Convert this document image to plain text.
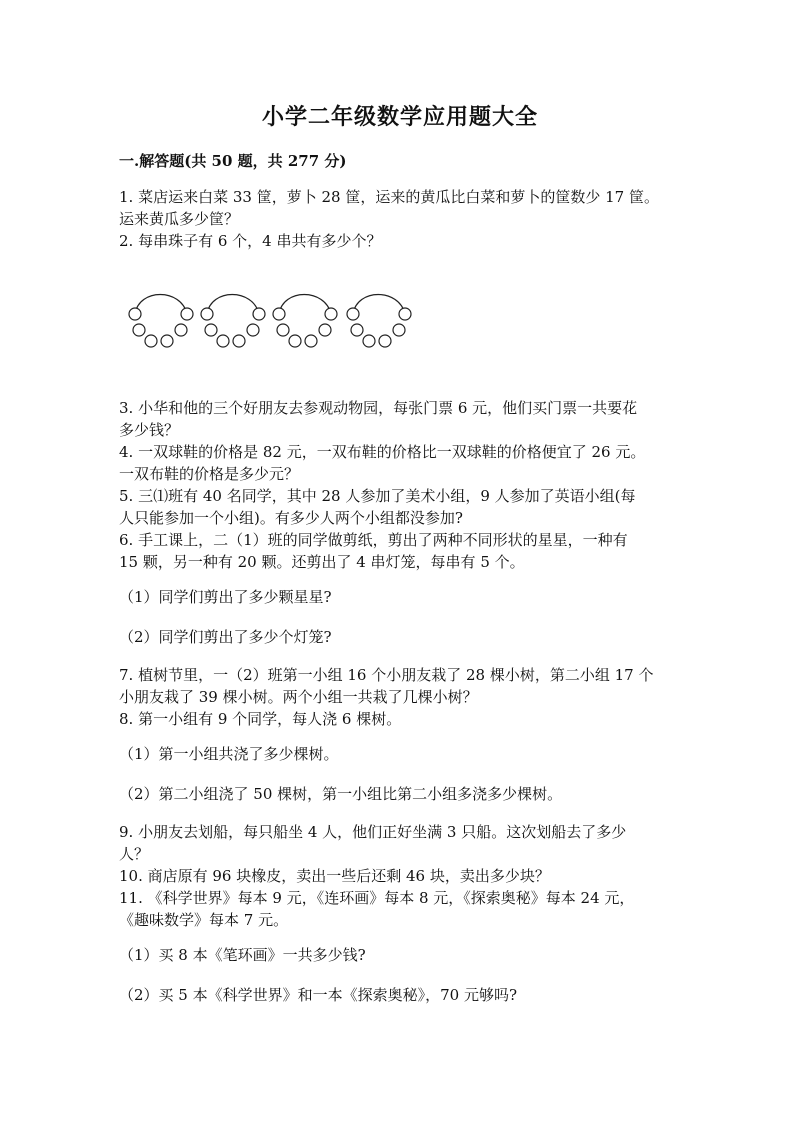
小学二年级数学应用题大全
一.解答题(共 50 题，共 277 分)
1. 菜店运来白菜 33 筐，萝卜 28 筐，运来的黄瓜比白菜和萝卜的筐数少 17 筐。
运来黄瓜多少筐？
2. 每串珠子有 6 个，4 串共有多少个？
3. 小华和他的三个好朋友去参观动物园，每张门票 6 元，他们买门票一共要花
多少钱？
4. 一双球鞋的价格是 82 元，一双布鞋的价格比一双球鞋的价格便宜了 26 元。
一双布鞋的价格是多少元？
5. 三⑴班有 40 名同学，其中 28 人参加了美术小组，9 人参加了英语小组(每
人只能参加一个小组)。有多少人两个小组都没参加?
6. 手工课上，二（1）班的同学做剪纸，剪出了两种不同形状的星星，一种有
15 颗，另一种有 20 颗。还剪出了 4 串灯笼，每串有 5 个。
（1）同学们剪出了多少颗星星?
（2）同学们剪出了多少个灯笼?
7. 植树节里，一（2）班第一小组 16 个小朋友栽了 28 棵小树，第二小组 17 个
小朋友栽了 39 棵小树。两个小组一共栽了几棵小树？
8. 第一小组有 9 个同学，每人浇 6 棵树。
（1）第一小组共浇了多少棵树。
（2）第二小组浇了 50 棵树，第一小组比第二小组多浇多少棵树。
9. 小朋友去划船，每只船坐 4 人，他们正好坐满 3 只船。这次划船去了多少
人？
10. 商店原有 96 块橡皮，卖出一些后还剩 46 块，卖出多少块？
11. 《科学世界》每本 9 元，《连环画》每本 8 元，《探索奥秘》每本 24 元，
《趣味数学》每本 7 元。
（1）买 8 本《笔环画》一共多少钱?
（2）买 5 本《科学世界》和一本《探索奥秘》，70 元够吗?
